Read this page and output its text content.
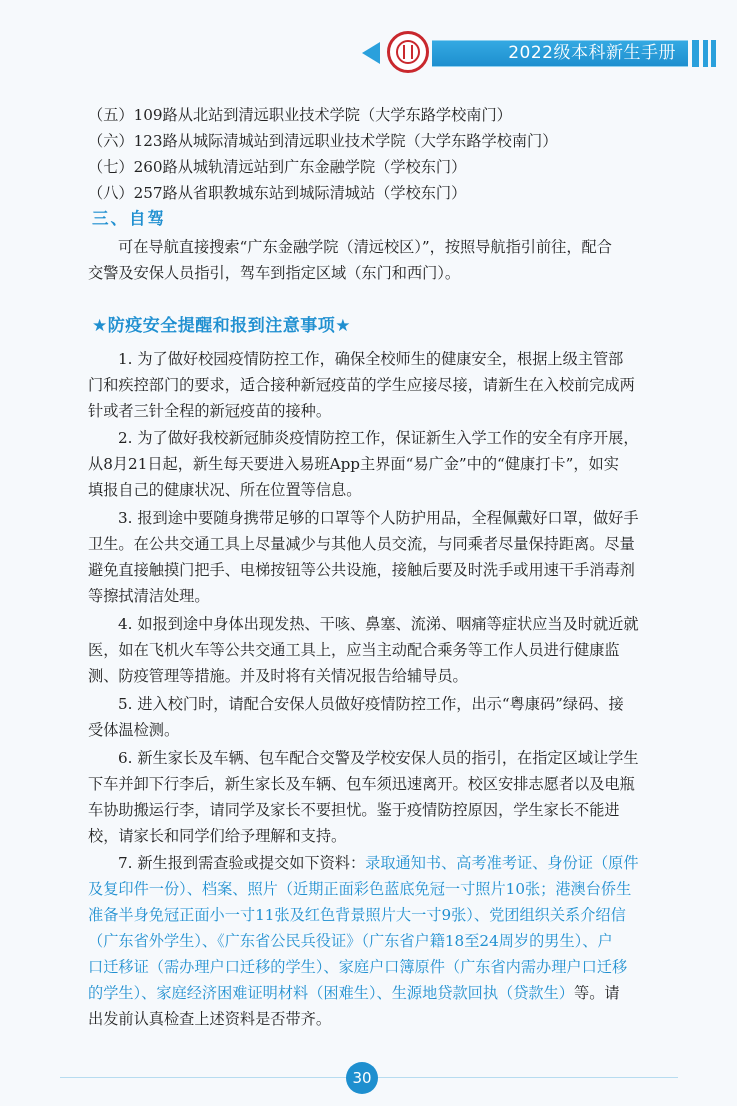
2022级本科新生手册
（五）109路从北站到清远职业技术学院（大学东路学校南门）
（六）123路从城际清城站到清远职业技术学院（大学东路学校南门）
（七）260路从城轨清远站到广东金融学院（学校东门）
（八）257路从省职教城东站到城际清城站（学校东门）
三、自驾
可在导航直接搜索“广东金融学院（清远校区）”，按照导航指引前往，配合
交警及安保人员指引，驾车到指定区域（东门和西门）。
★防疫安全提醒和报到注意事项★
1. 为了做好校园疫情防控工作，确保全校师生的健康安全，根据上级主管部
门和疾控部门的要求，适合接种新冠疫苗的学生应接尽接，请新生在入校前完成两
针或者三针全程的新冠疫苗的接种。
2. 为了做好我校新冠肺炎疫情防控工作，保证新生入学工作的安全有序开展，
从8月21日起，新生每天要进入易班App主界面“易广金”中的“健康打卡”，如实
填报自己的健康状况、所在位置等信息。
3. 报到途中要随身携带足够的口罩等个人防护用品，全程佩戴好口罩，做好手
卫生。在公共交通工具上尽量减少与其他人员交流，与同乘者尽量保持距离。尽量
避免直接触摸门把手、电梯按钮等公共设施，接触后要及时洗手或用速干手消毒剂
等擦拭清洁处理。
4. 如报到途中身体出现发热、干咳、鼻塞、流涕、咽痛等症状应当及时就近就
医，如在飞机火车等公共交通工具上，应当主动配合乘务等工作人员进行健康监
测、防疫管理等措施。并及时将有关情况报告给辅导员。
5. 进入校门时，请配合安保人员做好疫情防控工作，出示“粤康码”绿码、接
受体温检测。
6. 新生家长及车辆、包车配合交警及学校安保人员的指引，在指定区域让学生
下车并卸下行李后，新生家长及车辆、包车须迅速离开。校区安排志愿者以及电瓶
车协助搬运行李，请同学及家长不要担忧。鉴于疫情防控原因，学生家长不能进
校，请家长和同学们给予理解和支持。
7. 新生报到需查验或提交如下资料：录取通知书、高考准考证、身份证（原件
及复印件一份）、档案、照片（近期正面彩色蓝底免冠一寸照片10张；港澳台侨生
准备半身免冠正面小一寸11张及红色背景照片大一寸9张）、党团组织关系介绍信
（广东省外学生）、《广东省公民兵役证》（广东省户籍18至24周岁的男生）、户
口迁移证（需办理户口迁移的学生）、家庭户口簿原件（广东省内需办理户口迁移
的学生）、家庭经济困难证明材料（困难生）、生源地贷款回执（贷款生）等。请
出发前认真检查上述资料是否带齐。
30
